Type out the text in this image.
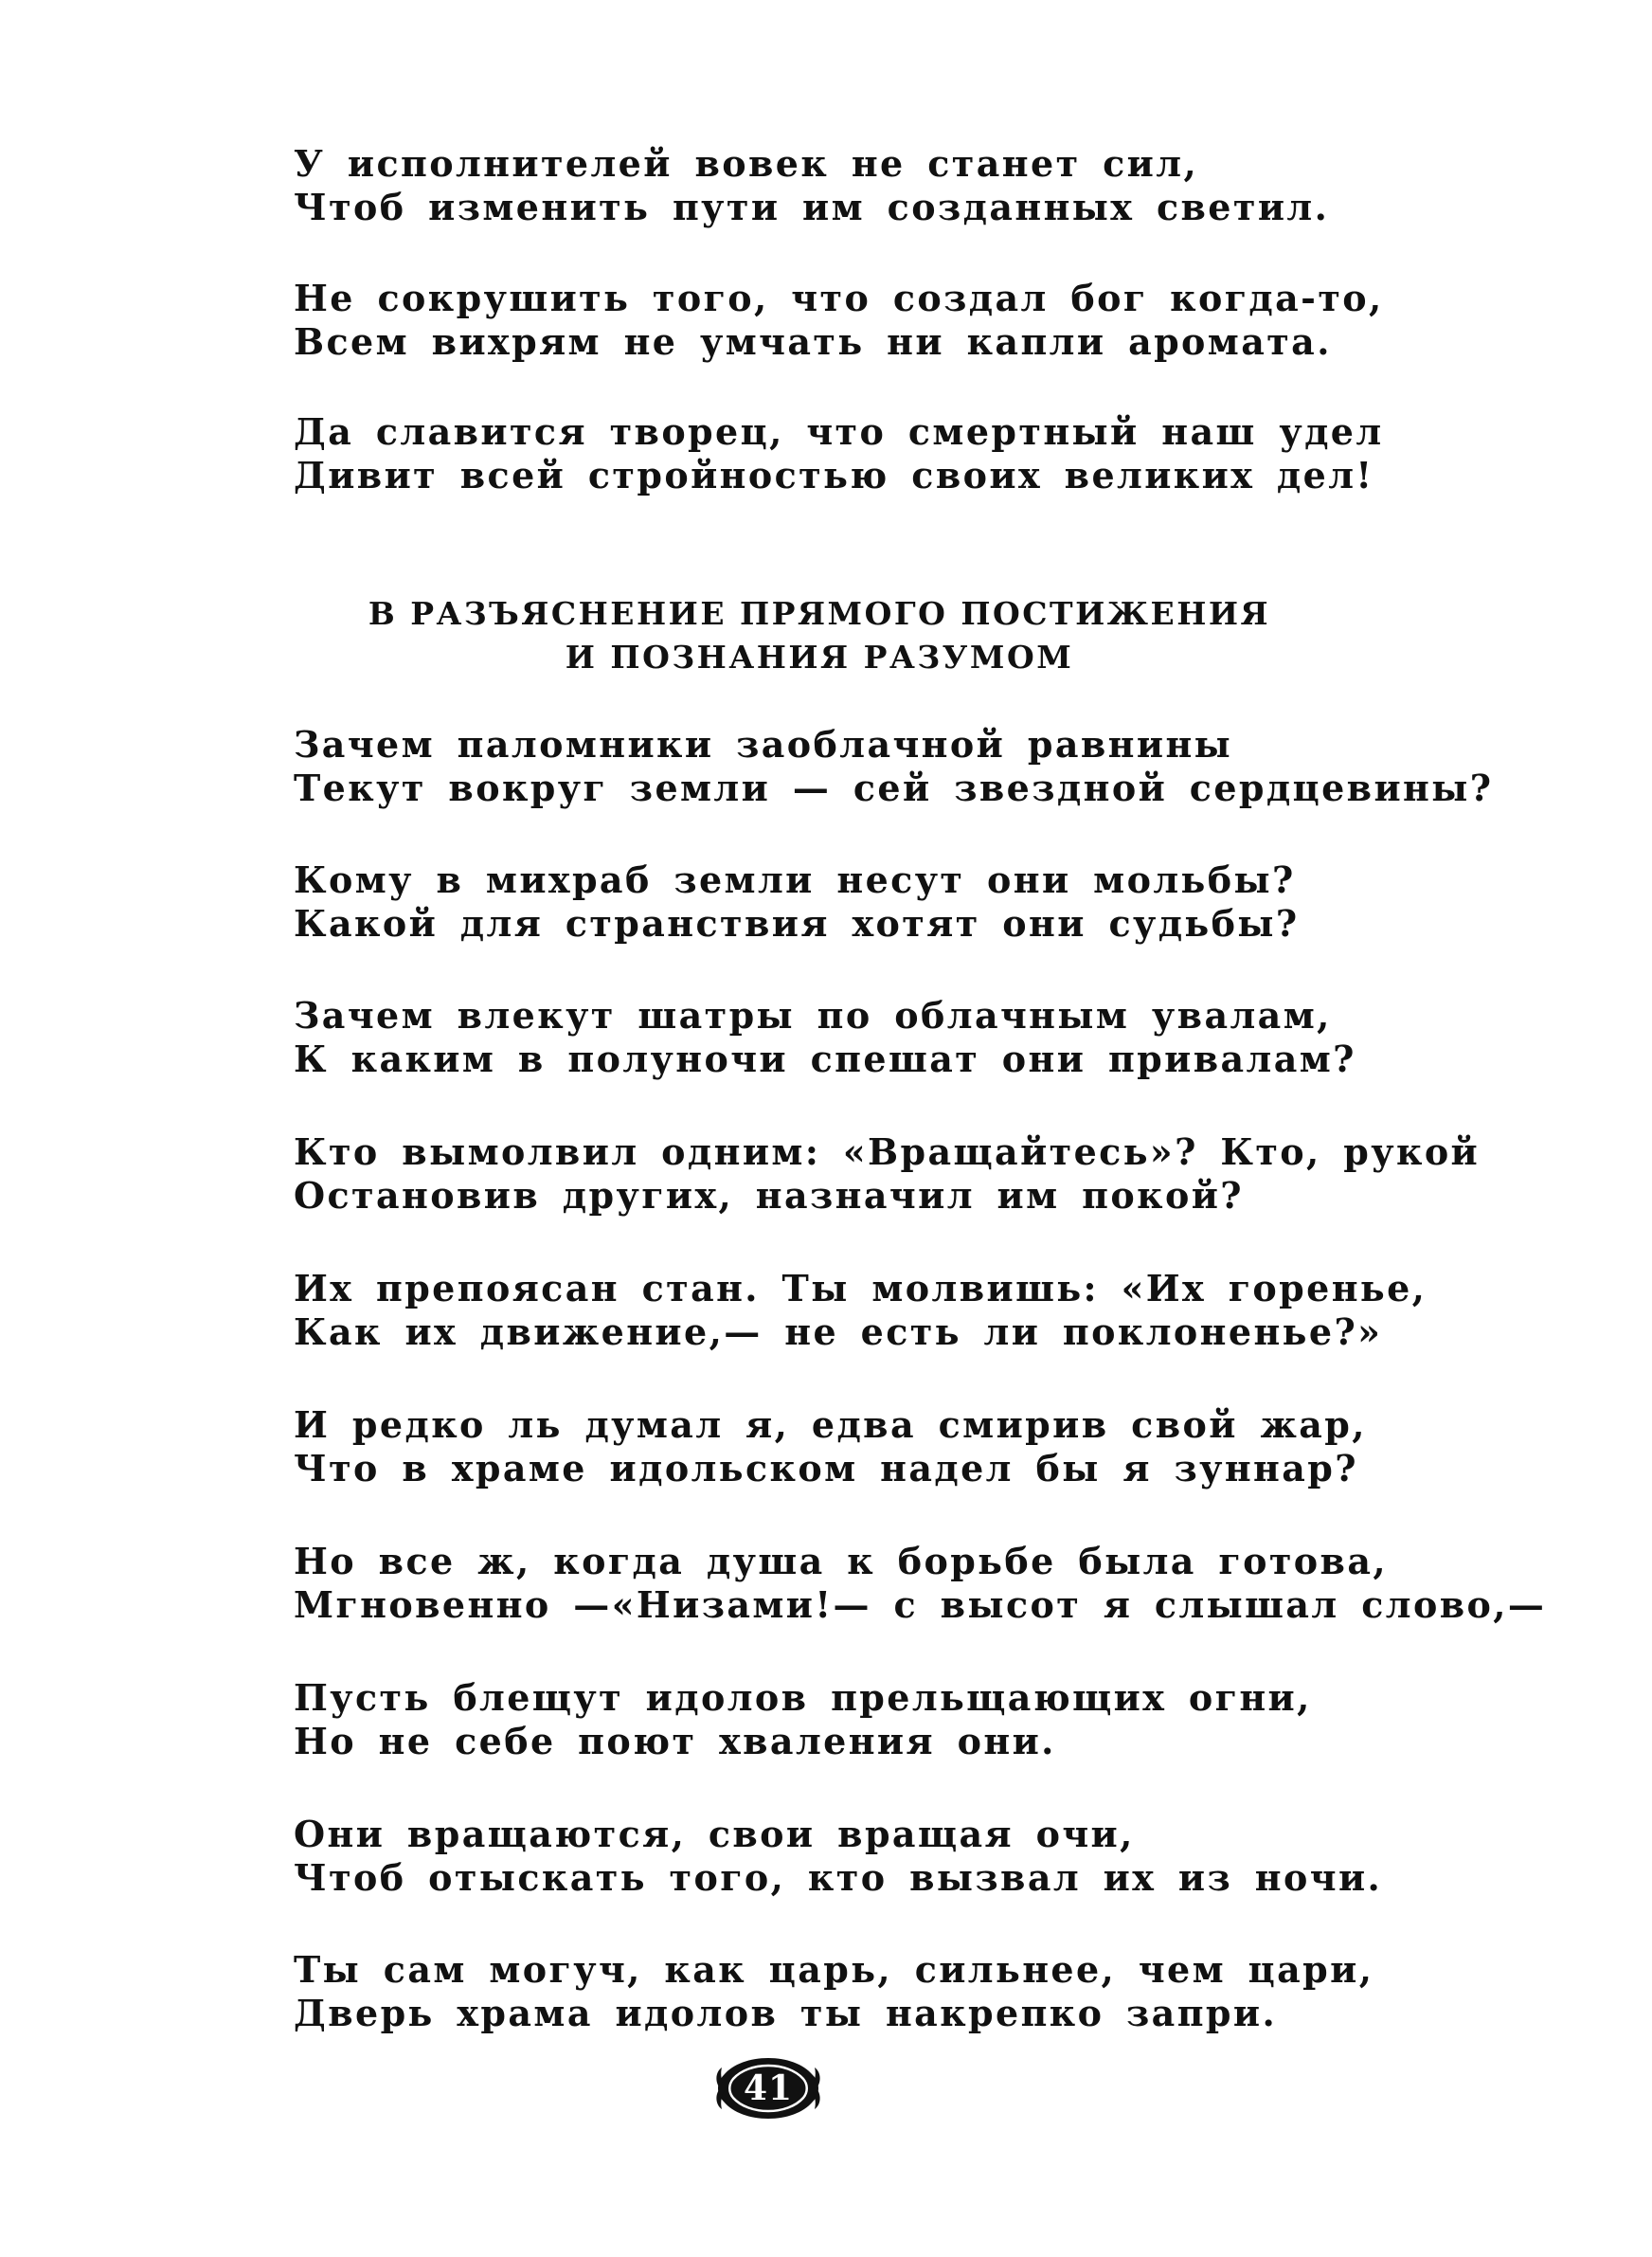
У исполнителей вовек не станет сил,
Чтоб изменить пути им созданных светил.
Не сокрушить того, что создал бог когда-то,
Всем вихрям не умчать ни капли аромата.
Да славится творец, что смертный наш удел
Дивит всей стройностью своих великих дел!
В РАЗЪЯСНЕНИЕ ПРЯМОГО ПОСТИЖЕНИЯ
И ПОЗНАНИЯ РАЗУМОМ
Зачем паломники заоблачной равнины
Текут вокруг земли — сей звездной сердцевины?
Кому в михраб земли несут они мольбы?
Какой для странствия хотят они судьбы?
Зачем влекут шатры по облачным увалам,
К каким в полуночи спешат они привалам?
Кто вымолвил одним: «Вращайтесь»? Кто, рукой
Остановив других, назначил им покой?
Их препоясан стан. Ты молвишь: «Их горенье,
Как их движение,— не есть ли поклоненье?»
И редко ль думал я, едва смирив свой жар,
Что в храме идольском надел бы я зуннар?
Но все ж, когда душа к борьбе была готова,
Мгновенно —«Низами!— с высот я слышал слово,—
Пусть блещут идолов прельщающих огни,
Но не себе поют хваления они.
Они вращаются, свои вращая очи,
Чтоб отыскать того, кто вызвал их из ночи.
Ты сам могуч, как царь, сильнее, чем цари,
Дверь храма идолов ты накрепко запри.
41
